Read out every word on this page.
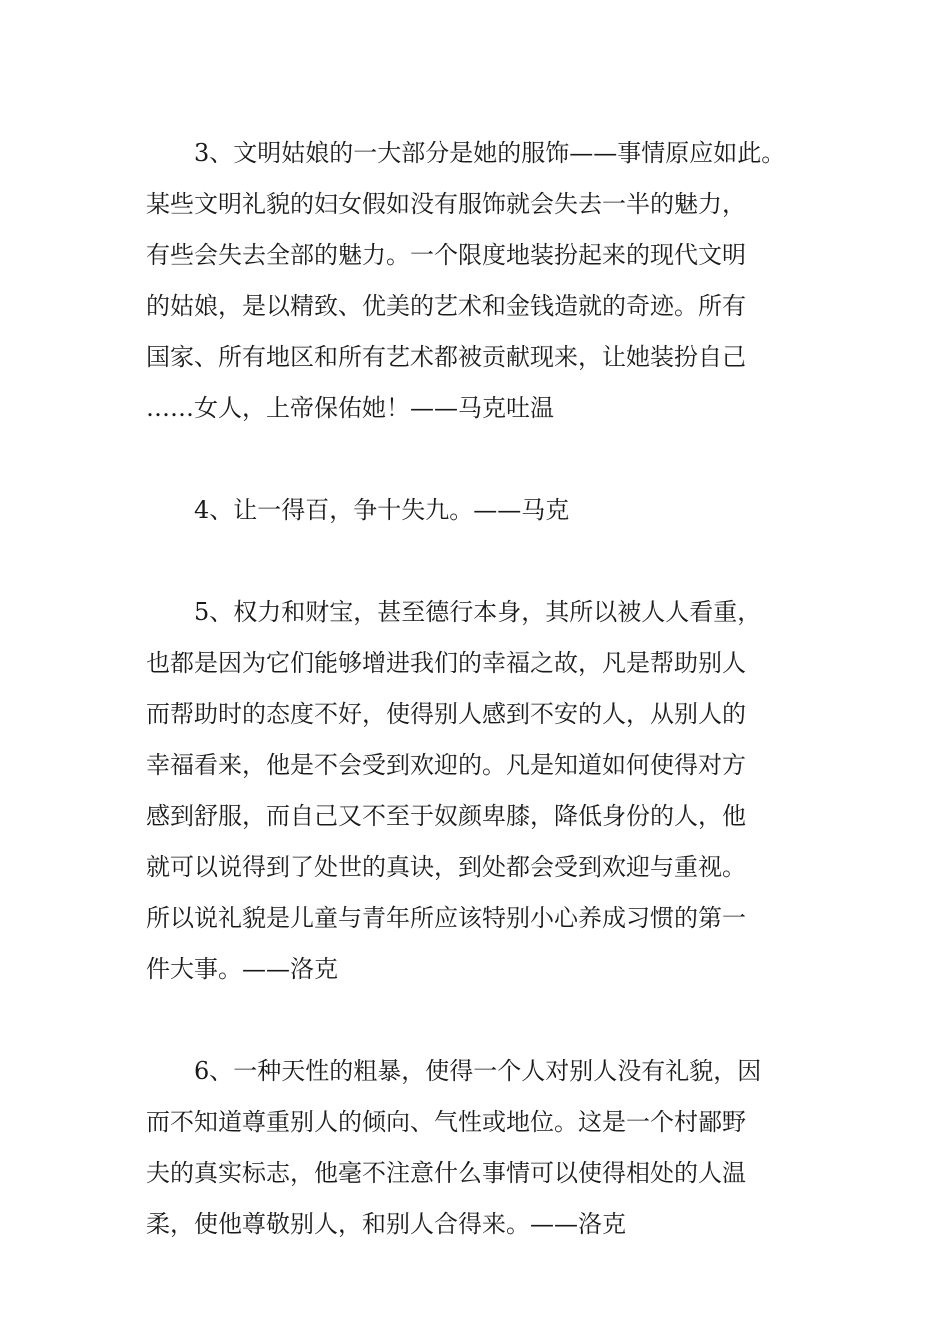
3、文明姑娘的一大部分是她的服饰——事情原应如此。
某些文明礼貌的妇女假如没有服饰就会失去一半的魅力，
有些会失去全部的魅力。一个限度地装扮起来的现代文明
的姑娘，是以精致、优美的艺术和金钱造就的奇迹。所有
国家、所有地区和所有艺术都被贡献现来，让她装扮自己
……女人，上帝保佑她！——马克吐温
4、让一得百，争十失九。——马克
5、权力和财宝，甚至德行本身，其所以被人人看重，
也都是因为它们能够增进我们的幸福之故，凡是帮助别人
而帮助时的态度不好，使得别人感到不安的人，从别人的
幸福看来，他是不会受到欢迎的。凡是知道如何使得对方
感到舒服，而自己又不至于奴颜卑膝，降低身份的人，他
就可以说得到了处世的真诀，到处都会受到欢迎与重视。
所以说礼貌是儿童与青年所应该特别小心养成习惯的第一
件大事。——洛克
6、一种天性的粗暴，使得一个人对别人没有礼貌，因
而不知道尊重别人的倾向、气性或地位。这是一个村鄙野
夫的真实标志，他毫不注意什么事情可以使得相处的人温
柔，使他尊敬别人，和别人合得来。——洛克
